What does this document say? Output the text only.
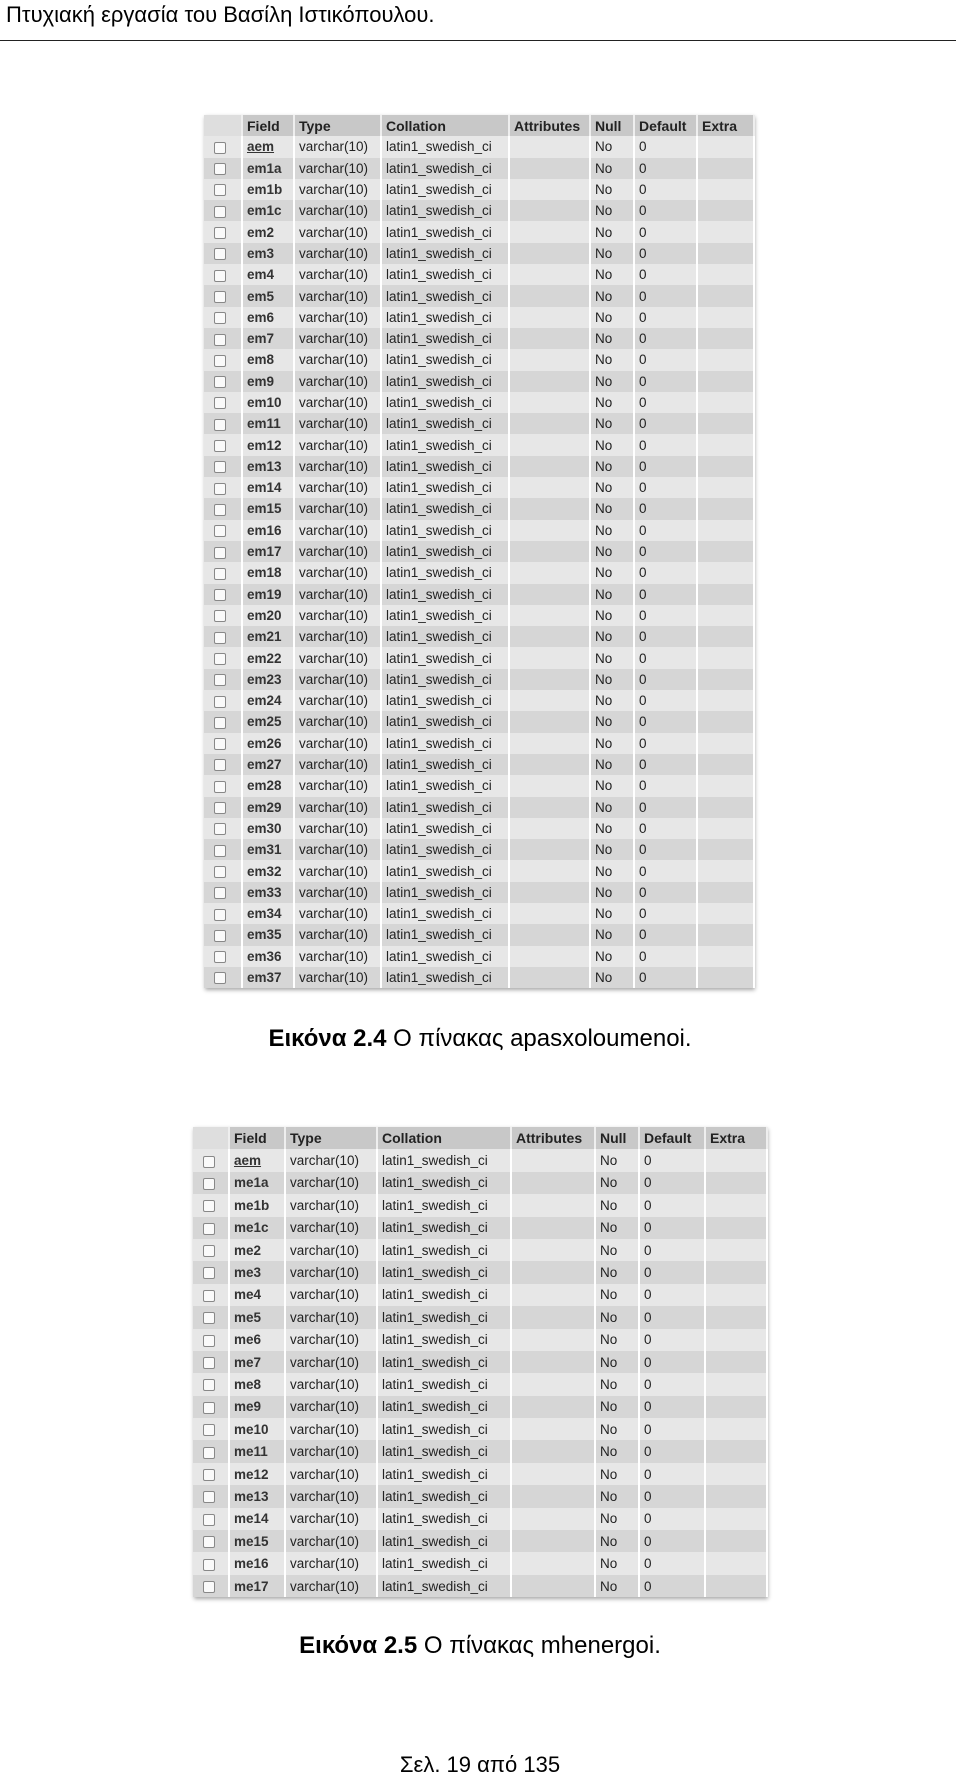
Πτυχιακή εργασία του Βασίλη Ιστικόπουλου.
	Field	Type	Collation	Attributes	Null	Default	Extra
	aem	varchar(10)	latin1_swedish_ci		No	0	
	em1a	varchar(10)	latin1_swedish_ci		No	0	
	em1b	varchar(10)	latin1_swedish_ci		No	0	
	em1c	varchar(10)	latin1_swedish_ci		No	0	
	em2	varchar(10)	latin1_swedish_ci		No	0	
	em3	varchar(10)	latin1_swedish_ci		No	0	
	em4	varchar(10)	latin1_swedish_ci		No	0	
	em5	varchar(10)	latin1_swedish_ci		No	0	
	em6	varchar(10)	latin1_swedish_ci		No	0	
	em7	varchar(10)	latin1_swedish_ci		No	0	
	em8	varchar(10)	latin1_swedish_ci		No	0	
	em9	varchar(10)	latin1_swedish_ci		No	0	
	em10	varchar(10)	latin1_swedish_ci		No	0	
	em11	varchar(10)	latin1_swedish_ci		No	0	
	em12	varchar(10)	latin1_swedish_ci		No	0	
	em13	varchar(10)	latin1_swedish_ci		No	0	
	em14	varchar(10)	latin1_swedish_ci		No	0	
	em15	varchar(10)	latin1_swedish_ci		No	0	
	em16	varchar(10)	latin1_swedish_ci		No	0	
	em17	varchar(10)	latin1_swedish_ci		No	0	
	em18	varchar(10)	latin1_swedish_ci		No	0	
	em19	varchar(10)	latin1_swedish_ci		No	0	
	em20	varchar(10)	latin1_swedish_ci		No	0	
	em21	varchar(10)	latin1_swedish_ci		No	0	
	em22	varchar(10)	latin1_swedish_ci		No	0	
	em23	varchar(10)	latin1_swedish_ci		No	0	
	em24	varchar(10)	latin1_swedish_ci		No	0	
	em25	varchar(10)	latin1_swedish_ci		No	0	
	em26	varchar(10)	latin1_swedish_ci		No	0	
	em27	varchar(10)	latin1_swedish_ci		No	0	
	em28	varchar(10)	latin1_swedish_ci		No	0	
	em29	varchar(10)	latin1_swedish_ci		No	0	
	em30	varchar(10)	latin1_swedish_ci		No	0	
	em31	varchar(10)	latin1_swedish_ci		No	0	
	em32	varchar(10)	latin1_swedish_ci		No	0	
	em33	varchar(10)	latin1_swedish_ci		No	0	
	em34	varchar(10)	latin1_swedish_ci		No	0	
	em35	varchar(10)	latin1_swedish_ci		No	0	
	em36	varchar(10)	latin1_swedish_ci		No	0	
	em37	varchar(10)	latin1_swedish_ci		No	0	
Εικόνα 2.4 Ο πίνακας apasxoloumenoi.
	Field	Type	Collation	Attributes	Null	Default	Extra
	aem	varchar(10)	latin1_swedish_ci		No	0	
	me1a	varchar(10)	latin1_swedish_ci		No	0	
	me1b	varchar(10)	latin1_swedish_ci		No	0	
	me1c	varchar(10)	latin1_swedish_ci		No	0	
	me2	varchar(10)	latin1_swedish_ci		No	0	
	me3	varchar(10)	latin1_swedish_ci		No	0	
	me4	varchar(10)	latin1_swedish_ci		No	0	
	me5	varchar(10)	latin1_swedish_ci		No	0	
	me6	varchar(10)	latin1_swedish_ci		No	0	
	me7	varchar(10)	latin1_swedish_ci		No	0	
	me8	varchar(10)	latin1_swedish_ci		No	0	
	me9	varchar(10)	latin1_swedish_ci		No	0	
	me10	varchar(10)	latin1_swedish_ci		No	0	
	me11	varchar(10)	latin1_swedish_ci		No	0	
	me12	varchar(10)	latin1_swedish_ci		No	0	
	me13	varchar(10)	latin1_swedish_ci		No	0	
	me14	varchar(10)	latin1_swedish_ci		No	0	
	me15	varchar(10)	latin1_swedish_ci		No	0	
	me16	varchar(10)	latin1_swedish_ci		No	0	
	me17	varchar(10)	latin1_swedish_ci		No	0	
Εικόνα 2.5 Ο πίνακας mhenergoi.
Σελ. 19 από 135
